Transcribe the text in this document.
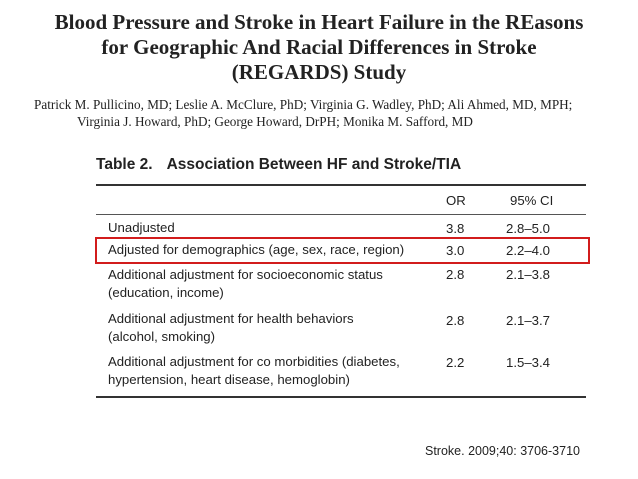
Blood Pressure and Stroke in Heart Failure in the REasons
for Geographic And Racial Differences in Stroke
(REGARDS) Study
Patrick M. Pullicino, MD; Leslie A. McClure, PhD; Virginia G. Wadley, PhD; Ali Ahmed, MD, MPH;
Virginia J. Howard, PhD; George Howard, DrPH; Monika M. Safford, MD
Table 2. Association Between HF and Stroke/TIA
OR	95% CI
Unadjusted	3.8	2.8–5.0
Adjusted for demographics (age, sex, race, region)	3.0	2.2–4.0
Additional adjustment for socioeconomic status
(education, income)
2.8	2.1–3.8
Additional adjustment for health behaviors
(alcohol, smoking)
2.8	2.1–3.7
Additional adjustment for co morbidities (diabetes,
hypertension, heart disease, hemoglobin)
2.2	1.5–3.4
Stroke. 2009;40: 3706-3710
